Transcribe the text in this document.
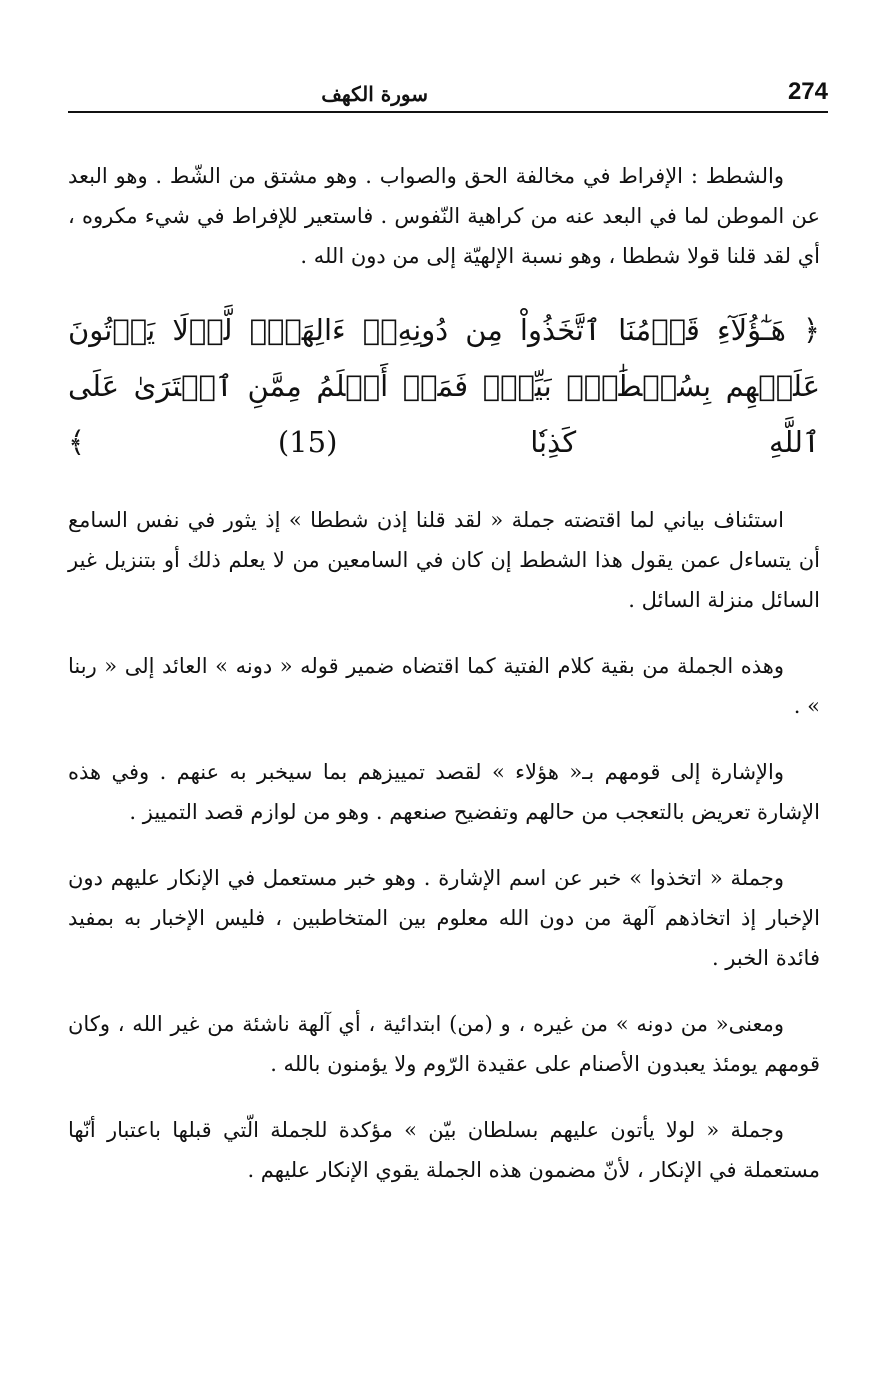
سورة الكهف	274

والشطط : الإفراط في مخالفة الحق والصواب . وهو مشتق من الشّط . وهو البعد عن الموطن لما في البعد عنه من كراهية النّفوس . فاستعير للإفراط في شيء مكروه ، أي لقد قلنا قولا شططا ، وهو نسبة الإلهيّة إلى من دون الله .

﴿ هَـٰٓؤُلَآءِ قَوۡمُنَا ٱتَّخَذُواْ مِن دُونِهِۦٓ ءَالِهَةٗۖ لَّوۡلَا يَأۡتُونَ عَلَيۡهِم بِسُلۡطَٰنِۭ بَيِّنٖۖ فَمَنۡ أَظۡلَمُ مِمَّنِ ٱفۡتَرَىٰ عَلَى ٱللَّهِ كَذِبٗا (15) ﴾

استئناف بياني لما اقتضته جملة « لقد قلنا إذن شططا » إذ يثور في نفس السامع أن يتساءل عمن يقول هذا الشطط إن كان في السامعين من لا يعلم ذلك أو بتنزيل غير السائل منزلة السائل .

وهذه الجملة من بقية كلام الفتية كما اقتضاه ضمير قوله « دونه » العائد إلى « ربنا » .

والإشارة إلى قومهم بـ« هؤلاء » لقصد تمييزهم بما سيخبر به عنهم . وفي هذه الإشارة تعريض بالتعجب من حالهم وتفضيح صنعهم . وهو من لوازم قصد التمييز .

وجملة « اتخذوا » خبر عن اسم الإشارة . وهو خبر مستعمل في الإنكار عليهم دون الإخبار إذ اتخاذهم آلهة من دون الله معلوم بين المتخاطبين ، فليس الإخبار به بمفيد فائدة الخبر .

ومعنى« من دونه » من غيره ، و (من) ابتدائية ، أي آلهة ناشئة من غير الله ، وكان قومهم يومئذ يعبدون الأصنام على عقيدة الرّوم ولا يؤمنون بالله .

وجملة « لولا يأتون عليهم بسلطان بيّن » مؤكدة للجملة الّتي قبلها باعتبار أنّها مستعملة في الإنكار ، لأنّ مضمون هذه الجملة يقوي الإنكار عليهم .
